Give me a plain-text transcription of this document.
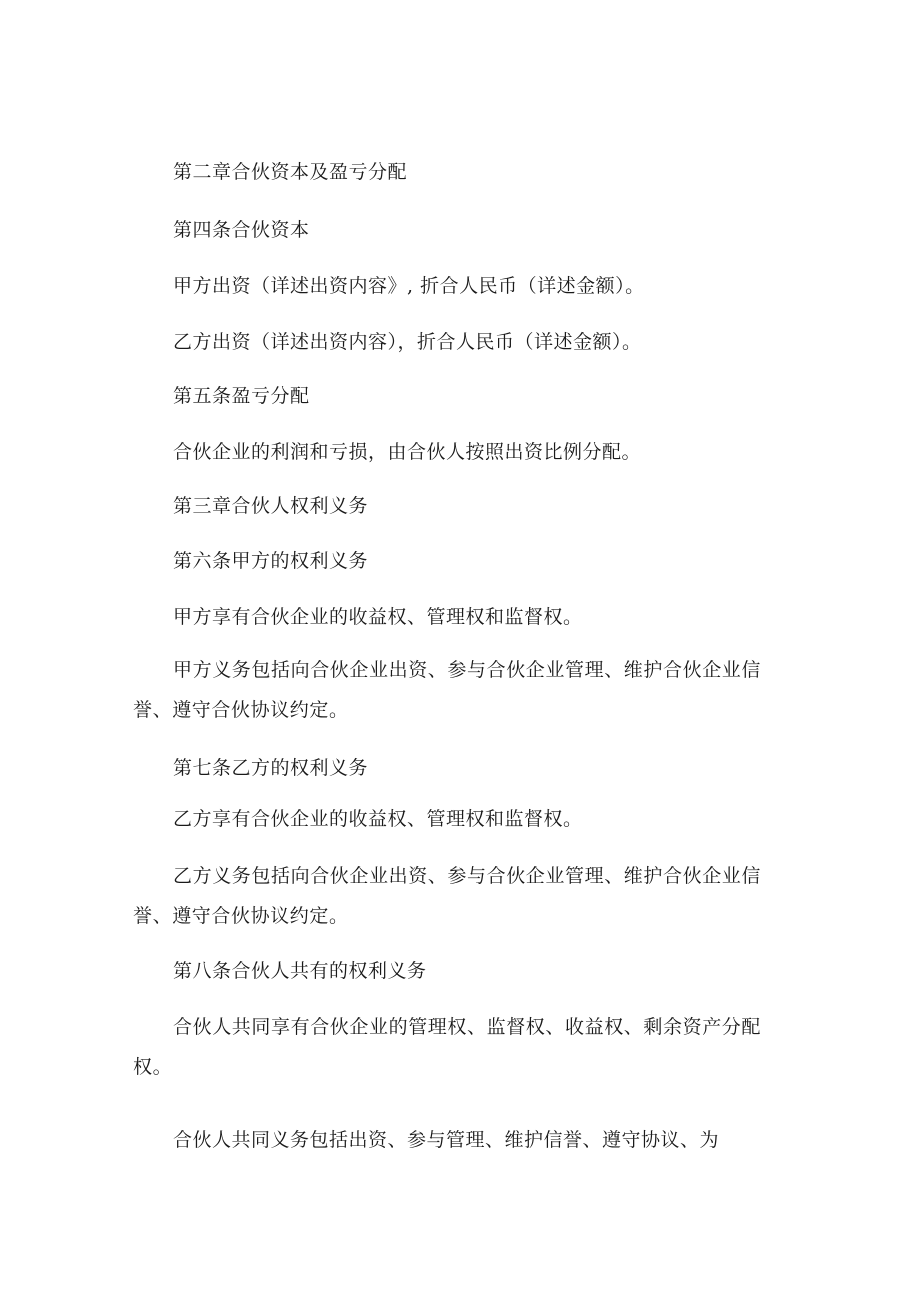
第二章合伙资本及盈亏分配
第四条合伙资本
甲方出资（详述出资内容》, 折合人民币（详述金额）。
乙方出资（详述出资内容），折合人民币（详述金额）。
第五条盈亏分配
合伙企业的利润和亏损，由合伙人按照出资比例分配。
第三章合伙人权利义务
第六条甲方的权利义务
甲方享有合伙企业的收益权、管理权和监督权。
甲方义务包括向合伙企业出资、参与合伙企业管理、维护合伙企业信誉、遵守合伙协议约定。
第七条乙方的权利义务
乙方享有合伙企业的收益权、管理权和监督权。
乙方义务包括向合伙企业出资、参与合伙企业管理、维护合伙企业信誉、遵守合伙协议约定。
第八条合伙人共有的权利义务
合伙人共同享有合伙企业的管理权、监督权、收益权、剩余资产分配权。
合伙人共同义务包括出资、参与管理、维护信誉、遵守协议、为
